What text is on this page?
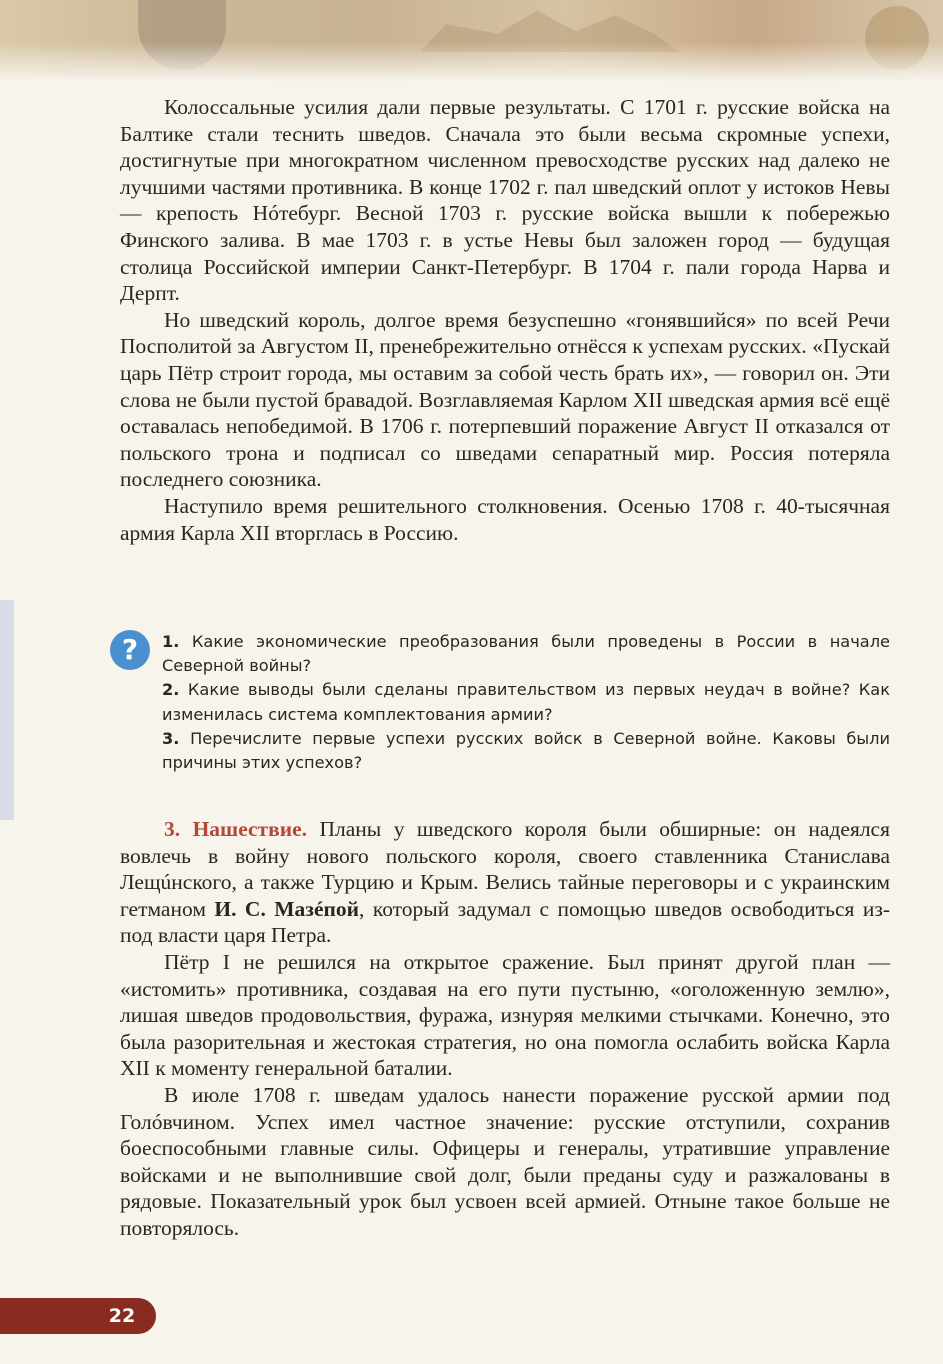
Колоссальные усилия дали первые результаты. С 1701 г. русские войска на Балтике стали теснить шведов. Сначала это были весьма скромные успехи, достигнутые при многократном численном превосходстве русских над далеко не лучшими частями противника. В конце 1702 г. пал шведский оплот у истоков Невы — крепость Нóтебург. Весной 1703 г. русские войска вышли к побережью Финского залива. В мае 1703 г. в устье Невы был заложен город — будущая столица Российской империи Санкт-Петербург. В 1704 г. пали города Нарва и Дерпт.

Но шведский король, долгое время безуспешно «гонявшийся» по всей Речи Посполитой за Августом II, пренебрежительно отнёсся к успехам русских. «Пускай царь Пётр строит города, мы оставим за собой честь брать их», — говорил он. Эти слова не были пустой бравадой. Возглавляемая Карлом XII шведская армия всё ещё оставалась непобедимой. В 1706 г. потерпевший поражение Август II отказался от польского трона и подписал со шведами сепаратный мир. Россия потеряла последнего союзника.

Наступило время решительного столкновения. Осенью 1708 г. 40-тысячная армия Карла XII вторглась в Россию.

?	1. Какие экономические преобразования были проведены в России в начале Северной войны?

2. Какие выводы были сделаны правительством из первых неудач в войне? Как изменилась система комплектования армии?

3. Перечислите первые успехи русских войск в Северной войне. Каковы были причины этих успехов?

3. Нашествие. Планы у шведского короля были обширные: он надеялся вовлечь в войну нового польского короля, своего ставленника Станислава Лещúнского, а также Турцию и Крым. Велись тайные переговоры и с украинским гетманом И. С. Мазéпой, который задумал с помощью шведов освободиться из-под власти царя Петра.

Пётр I не решился на открытое сражение. Был принят другой план — «истомить» противника, создавая на его пути пустыню, «оголоженную землю», лишая шведов продовольствия, фуража, изнуряя мелкими стычками. Конечно, это была разорительная и жестокая стратегия, но она помогла ослабить войска Карла XII к моменту генеральной баталии.

В июле 1708 г. шведам удалось нанести поражение русской армии под Голóвчином. Успех имел частное значение: русские отступили, сохранив боеспособными главные силы. Офицеры и генералы, утратившие управление войсками и не выполнившие свой долг, были преданы суду и разжалованы в рядовые. Показательный урок был усвоен всей армией. Отныне такое больше не повторялось.

22
